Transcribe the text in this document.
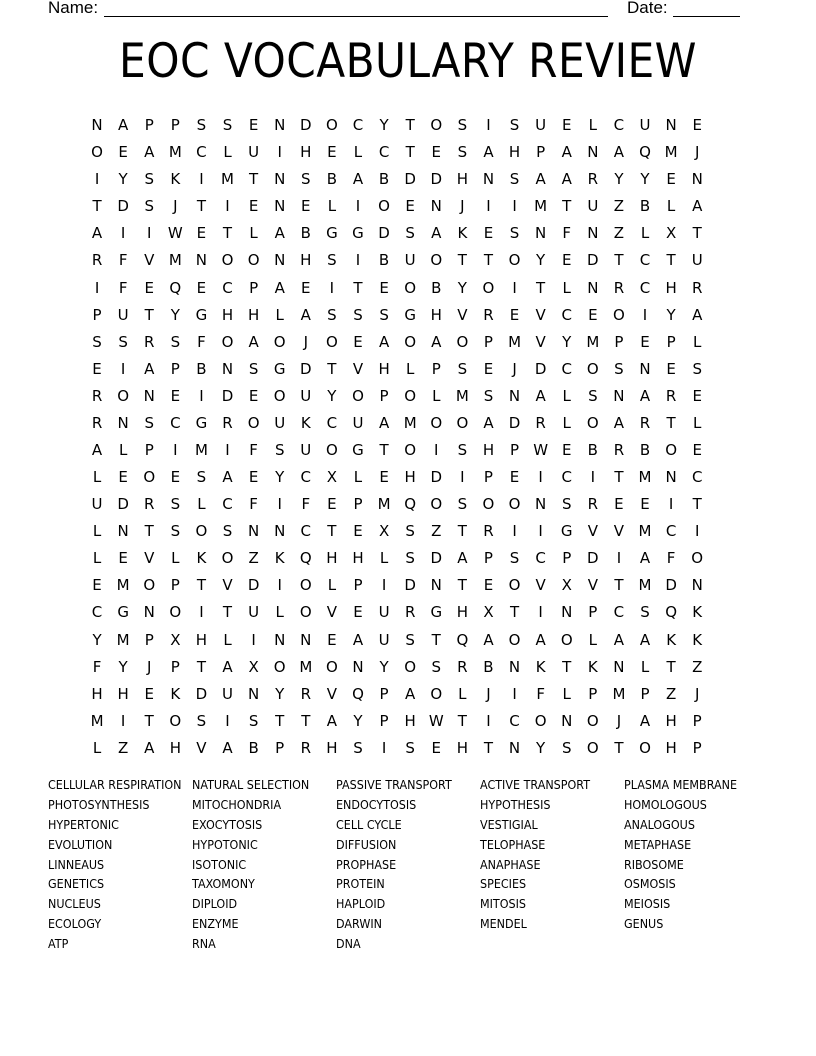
Name:	Date:
EOC VOCABULARY REVIEW
N	A	P	P	S	S	E	N D O C	Y	T	O	S	I	S	U	E	L	C	U N	E
O	E	A M C	L	U	I	H	E	L	C	T	E	S	A	H	P	A	N	A	Q M	J
I	Y	S	K	I	M	T	N	S	B	A	B	D D H N	S	A	A	R	Y	Y	E	N
T	D	S	J	T	I	E	N	E	L	I	O	E	N	J	I	I	M	T	U	Z	B	L	A
A	I	I	W E	T	L	A	B	G G D	S	A	K	E	S	N	F	N	Z	L	X	T
R	F	V M N O O N H	S	I	B	U O	T	T	O	Y	E	D	T	C	T	U
I	F	E	Q	E	C	P	A	E	I	T	E	O	B	Y	O	I	T	L	N	R	C	H	R
P	U	T	Y	G H H	L	A	S	S	S	G H	V	R	E	V	C	E	O	I	Y	A
S	S	R	S	F	O	A	O	J	O	E	A	O	A	O	P	M V	Y	M	P	E	P	L
E	I	A	P	B	N	S	G D	T	V	H	L	P	S	E	J	D	C O	S	N	E	S
R O N	E	I	D	E	O U	Y	O	P	O	L	M S	N	A	L	S	N	A	R	E
R	N	S	C	G	R O U	K	C	U	A M O O	A	D	R	L	O	A	R	T	L
A	L	P	I	M	I	F	S	U O G	T	O	I	S	H	P W E	B	R	B	O	E
L	E	O	E	S	A	E	Y	C	X	L	E	H D	I	P	E	I	C	I	T	M N	C
U D	R	S	L	C	F	I	F	E	P	M Q O	S	O O N	S	R	E	E	I	T
L	N	T	S	O	S	N N	C	T	E	X	S	Z	T	R	I	I	G	V	V M C	I
L	E	V	L	K	O	Z	K	Q H H	L	S	D	A	P	S	C	P	D	I	A	F	O
E M O	P	T	V	D	I	O	L	P	I	D N	T	E	O	V	X	V	T	M D N
C	G N O	I	T	U	L	O	V	E	U	R	G H	X	T	I	N	P	C	S	Q	K
Y	M	P	X	H	L	I	N N	E	A	U	S	T	Q	A	O	A	O	L	A	A	K	K
F	Y	J	P	T	A	X	O M O N	Y	O	S	R	B	N	K	T	K	N	L	T	Z
H H	E	K	D U N	Y	R	V	Q	P	A	O	L	J	I	F	L	P	M	P	Z	J
M	I	T	O	S	I	S	T	T	A	Y	P	H W T	I	C O N O	J	A	H	P
L	Z	A	H	V	A	B	P	R	H	S	I	S	E	H	T	N	Y	S	O	T	O H	P
CELLULAR RESPIRATION
PHOTOSYNTHESIS
HYPERTONIC
EVOLUTION
LINNEAUS
GENETICS
NUCLEUS
ECOLOGY
ATP
NATURAL SELECTION
MITOCHONDRIA
EXOCYTOSIS
HYPOTONIC
ISOTONIC
TAXOMONY
DIPLOID
ENZYME
RNA
PASSIVE TRANSPORT
ENDOCYTOSIS
CELL CYCLE
DIFFUSION
PROPHASE
PROTEIN
HAPLOID
DARWIN
DNA
ACTIVE TRANSPORT
HYPOTHESIS
VESTIGIAL
TELOPHASE
ANAPHASE
SPECIES
MITOSIS
MENDEL
PLASMA MEMBRANE
HOMOLOGOUS
ANALOGOUS
METAPHASE
RIBOSOME
OSMOSIS
MEIOSIS
GENUS
